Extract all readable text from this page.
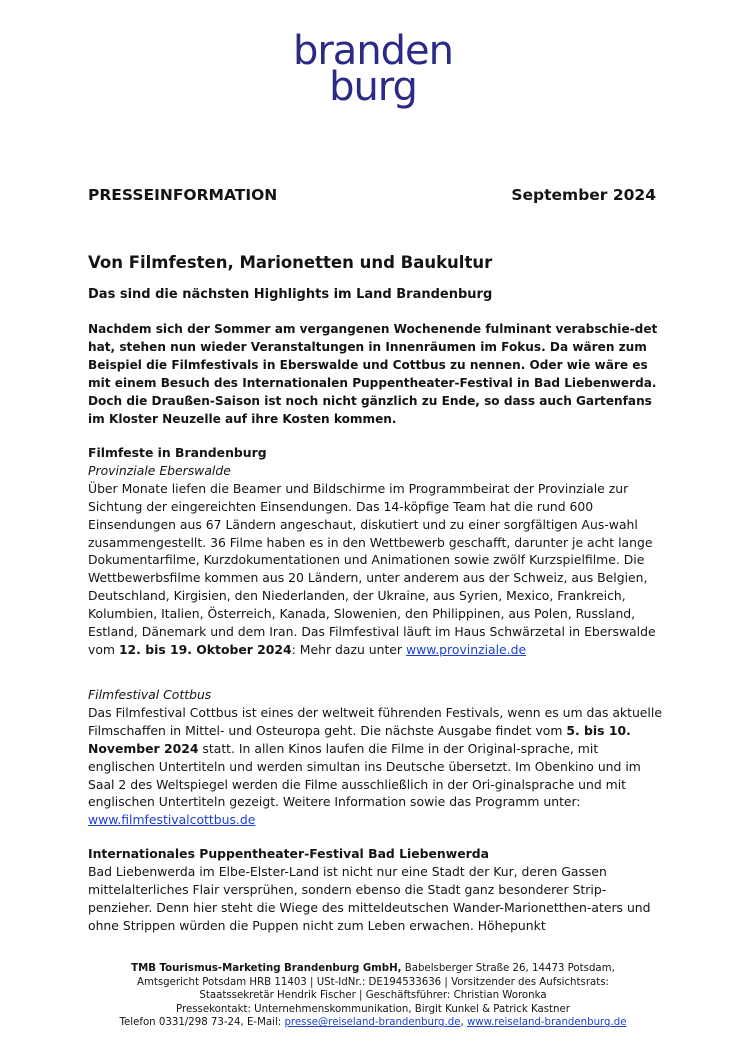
branden
burg
PRESSEINFORMATION	September 2024
Von Filmfesten, Marionetten und Baukultur
Das sind die nächsten Highlights im Land Brandenburg
Nachdem sich der Sommer am vergangenen Wochenende fulminant verabschie-det hat, stehen nun wieder Veranstaltungen in Innenräumen im Fokus. Da wären zum Beispiel die Filmfestivals in Eberswalde und Cottbus zu nennen. Oder wie wäre es mit einem Besuch des Internationalen Puppentheater-Festival in Bad Liebenwerda. Doch die Draußen-Saison ist noch nicht gänzlich zu Ende, so dass auch Gartenfans im Kloster Neuzelle auf ihre Kosten kommen.

Filmfeste in Brandenburg

Provinziale Eberswalde

Über Monate liefen die Beamer und Bildschirme im Programmbeirat der Provinziale zur Sichtung der eingereichten Einsendungen. Das 14-köpfige Team hat die rund 600 Einsendungen aus 67 Ländern angeschaut, diskutiert und zu einer sorgfältigen Aus-wahl zusammengestellt. 36 Filme haben es in den Wettbewerb geschafft, darunter je acht lange Dokumentarfilme, Kurzdokumentationen und Animationen sowie zwölf Kurzspielfilme. Die Wettbewerbsfilme kommen aus 20 Ländern, unter anderem aus der Schweiz, aus Belgien, Deutschland, Kirgisien, den Niederlanden, der Ukraine, aus Syrien, Mexico, Frankreich, Kolumbien, Italien, Österreich, Kanada, Slowenien, den Philippinen, aus Polen, Russland, Estland, Dänemark und dem Iran. Das Filmfestival läuft im Haus Schwärzetal in Eberswalde vom 12. bis 19. Oktober 2024: Mehr dazu unter www.provinziale.de

Filmfestival Cottbus

Das Filmfestival Cottbus ist eines der weltweit führenden Festivals, wenn es um das aktuelle Filmschaffen in Mittel- und Osteuropa geht. Die nächste Ausgabe findet vom 5. bis 10. November 2024 statt. In allen Kinos laufen die Filme in der Original-sprache, mit englischen Untertiteln und werden simultan ins Deutsche übersetzt. Im Obenkino und im Saal 2 des Weltspiegel werden die Filme ausschließlich in der Ori-ginalsprache und mit englischen Untertiteln gezeigt. Weitere Information sowie das Programm unter: www.filmfestivalcottbus.de

Internationales Puppentheater-Festival Bad Liebenwerda

Bad Liebenwerda im Elbe-Elster-Land ist nicht nur eine Stadt der Kur, deren Gassen mittelalterliches Flair versprühen, sondern ebenso die Stadt ganz besonderer Strip-penzieher. Denn hier steht die Wiege des mitteldeutschen Wander-Marionetthen-aters und ohne Strippen würden die Puppen nicht zum Leben erwachen. Höhepunkt

TMB Tourismus-Marketing Brandenburg GmbH, Babelsberger Straße 26, 14473 Potsdam,
Amtsgericht Potsdam HRB 11403 | USt-IdNr.: DE194533636 | Vorsitzender des Aufsichtsrats:
Staatssekretär Hendrik Fischer | Geschäftsführer: Christian Woronka
Pressekontakt: Unternehmenskommunikation, Birgit Kunkel & Patrick Kastner
Telefon 0331/298 73-24, E-Mail: presse@reiseland-brandenburg.de, www.reiseland-brandenburg.de
